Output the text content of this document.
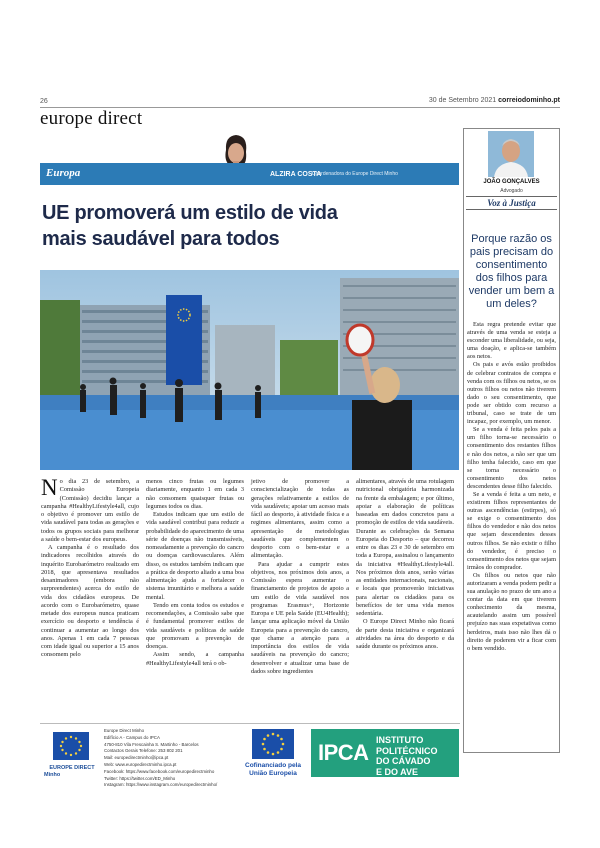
26	30 de Setembro 2021 correiodominho.pt
europe direct
Europa	ALZIRA COSTA
Coordenadora do Europe Direct Minho
UE promoverá um estilo de vida
mais saudável para todos

No dia 23 de setembro, a Comissão Europeia (Comissão) decidiu lançar a campanha #HealthyLifestyle4all, cujo o objetivo é promover um estilo de vida saudável para todas as gerações e todos os grupos sociais para melhorar a saúde o bem-estar dos europeus.

A campanha é o resultado dos indicadores recolhidos através do inquérito Eurobarómetro realizado em 2018, que apresentava resultados desanimadores (embora não surpreendentes) acerca do estilo de vida dos cidadãos europeus. De acordo com o Eurobarómetro, quase metade dos europeus nunca praticam exercício ou desporto e tendência é continuar a aumentar ao longo dos anos. Apenas 1 em cada 7 pessoas com idade igual ou superior a 15 anos consomem pelo

menos cinco frutas ou legumes diariamente, enquanto 1 em cada 3 não consomem quaisquer frutas ou legumes todos os dias.

Estudos indicam que um estilo de vida saudável contribui para reduzir a probabilidade do aparecimento de uma série de doenças não transmissíveis, nomeadamente a prevenção do cancro ou doenças cardiovasculares. Além disso, os estudos também indicam que a prática de desporto aliado a uma boa alimentação ajuda a fortalecer o sistema imunitário e melhora a saúde mental.

Tendo em conta todos os estudos e recomendações, a Comissão sabe que é fundamental promover estilos de vida saudáveis e políticas de saúde que promovam a prevenção de doenças.

Assim sendo, a campanha #HealthyLifestyle4all terá o ob-

jetivo de promover a consciencialização de todas as gerações relativamente a estilos de vida saudáveis; apoiar um acesso mais fácil ao desporto, à atividade física e a regimes alimentares, assim como a apresentação de metodologias saudáveis que complementem o desporto com o bem-estar e a alimentação.

Para ajudar a cumprir estes objetivos, nos próximos dois anos, a Comissão espera aumentar o financiamento de projetos de apoio a um estilo de vida saudável nos programas Erasmus+, Horizonte Europa e UE pela Saúde (EU4Health); lançar uma aplicação móvel da União Europeia para a prevenção do cancro, que chame a atenção para a importância dos estilos de vida saudáveis na prevenção do cancro; desenvolver e atualizar uma base de dados sobre ingredientes

alimentares, através de uma rotulagem nutricional obrigatória harmonizada na frente da embalagem; e por último, apoiar a elaboração de políticas baseadas em dados concretos para a promoção de estilos de vida saudáveis. Durante as celebrações da Semana Europeia do Desporto – que decorreu entre os dias 23 e 30 de setembro em toda a Europa, assinalou o lançamento da iniciativa #HealthyLifestyle4all. Nos próximos dois anos, serão várias as entidades internacionais, nacionais, e locais que promoverão iniciativas para alertar os cidadãos para os benefícios de ter uma vida menos sedentária.

O Europe Direct Minho não ficará de parte desta iniciativa e organizará atividades na área do desporto e da saúde durante os próximos anos.

JOÃO GONÇALVES
Advogado
Voz à Justiça
Porque razão os pais precisam do consentimento dos filhos para vender um bem a um deles?

Esta regra pretende evitar que através de uma venda se esteja a esconder uma liberalidade, ou seja, uma doação, e aplica-se também aos netos.

Os pais e avós estão proibidos de celebrar contratos de compra e venda com os filhos ou netos, se os outros filhos ou netos não tiverem dado o seu consentimento, que pode ser obtido com recurso a tribunal, caso se trate de um incapaz, por exemplo, um menor.

Se a venda é feita pelos pais a um filho torna-se necessário o consentimento dos restantes filhos e não dos netos, a não ser que um filho tenha falecido, caso em que se torna necessário o consentimento dos netos descendentes desse filho falecido.

Se a venda é feita a um neto, e existirem filhos representantes de outras ascendências (estirpes), só se exige o consentimento dos filhos do vendedor e não dos netos que sejam descendentes desses outros filhos. Se não existir o filho do vendedor, é preciso o consentimento dos netos que sejam irmãos do comprador.

Os filhos ou netos que não autorizaram a venda podem pedir a sua anulação no prazo de um ano a contar da data em que tiverem conhecimento da mesma, acautelando assim um possível prejuízo nas suas expetativas como herdeiros, mais isso não lhes dá o direito de poderem vir a ficar com o bem vendido.

EUROPE DIRECT
Minho
Europe Direct Minho
Edifício A - Campus do IPCA
4750-810 Vila Frescainha S. Martinho - Barcelos
Contactos Gerais Telefone: 253 802 201
Mail: europedirectminho@ipca.pt
Web: www.europedirectminho.ipca.pt
Facebook: https://www.facebook.com/europedirectminho
Twitter: https://twitter.com/ED_Minho
Instagram: https://www.instagram.com/europedirectminho/
Cofinanciado pela
União Europeia
IPCA INSTITUTO
POLITÉCNICO
DO CÁVADO
E DO AVE
